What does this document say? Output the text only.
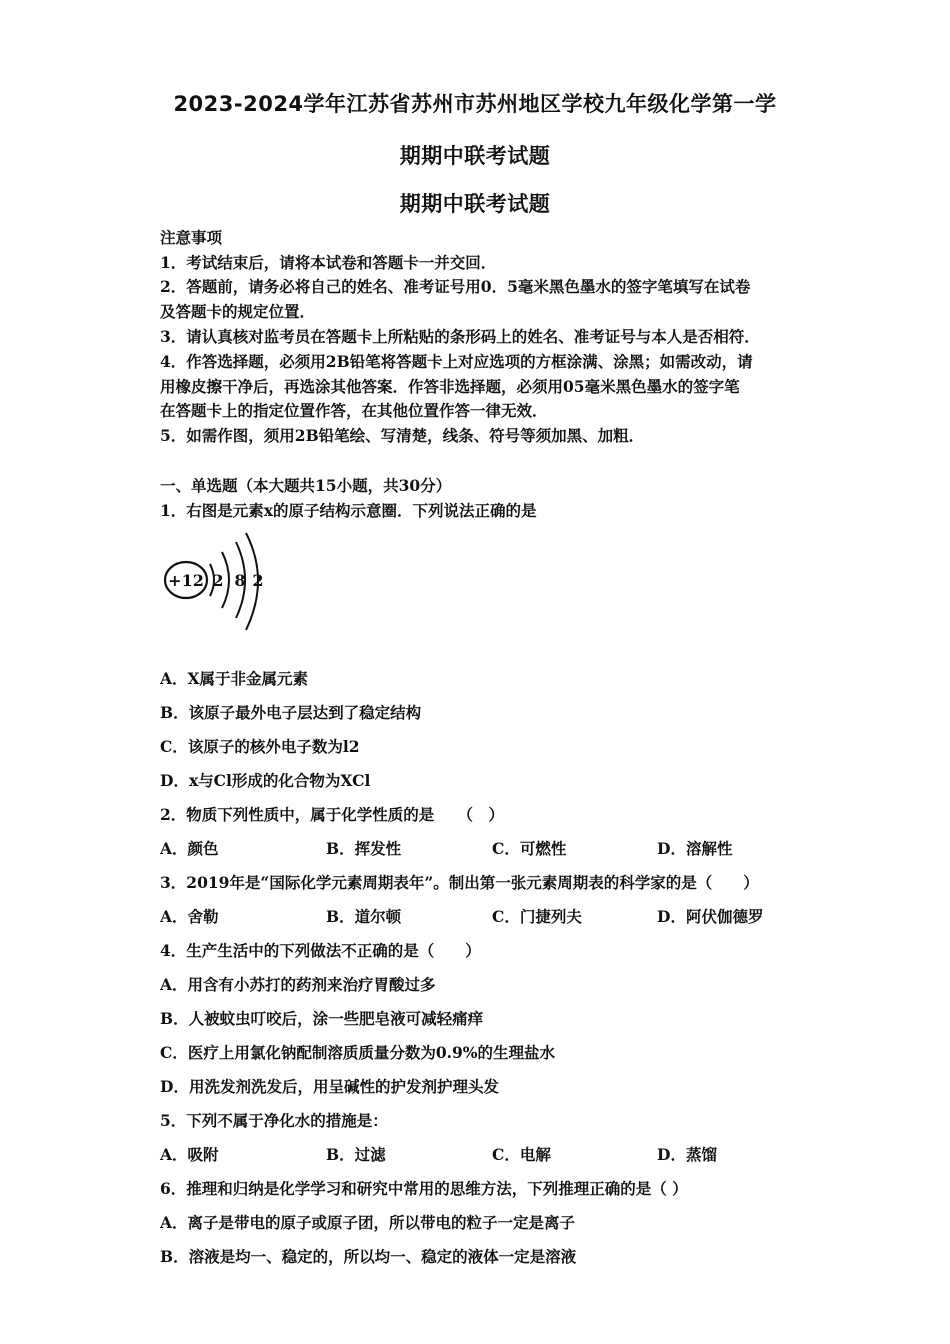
2023-2024学年江苏省苏州市苏州地区学校九年级化学第一学
期期中联考试题
期期中联考试题
注意事项
1．考试结束后，请将本试卷和答题卡一并交回．
2．答题前，请务必将自己的姓名、准考证号用0．5毫米黑色墨水的签字笔填写在试卷
及答题卡的规定位置．
3．请认真核对监考员在答题卡上所粘贴的条形码上的姓名、准考证号与本人是否相符．
4．作答选择题，必须用2B铅笔将答题卡上对应选项的方框涂满、涂黑；如需改动，请
用橡皮擦干净后，再选涂其他答案．作答非选择题，必须用05毫米黑色墨水的签字笔
在答题卡上的指定位置作答，在其他位置作答一律无效．
5．如需作图，须用2B铅笔绘、写清楚，线条、符号等须加黑、加粗．
一、单选题（本大题共15小题，共30分）
1．右图是元素x的原子结构示意圈．下列说法正确的是
+12 2 8 2
A．X属于非金属元素
B．该原子最外电子层达到了稳定结构
C．该原子的核外电子数为l2
D．x与Cl形成的化合物为XCl
2．物质下列性质中，属于化学性质的是　　（　）
A．颜色	B．挥发性	C．可燃性	D．溶解性
3．2019年是“国际化学元素周期表年”。制出第一张元素周期表的科学家的是（　　）
A．舍勒	B．道尔顿	C．门捷列夫	D．阿伏伽德罗
4．生产生活中的下列做法不正确的是（　　）
A．用含有小苏打的药剂来治疗胃酸过多
B．人被蚊虫叮咬后，涂一些肥皂液可减轻痛痒
C．医疗上用氯化钠配制溶质质量分数为0.9%的生理盐水
D．用洗发剂洗发后，用呈碱性的护发剂护理头发
5．下列不属于净化水的措施是：
A．吸附	B．过滤	C．电解	D．蒸馏
6．推理和归纳是化学学习和研究中常用的思维方法，下列推理正确的是（ ）
A．离子是带电的原子或原子团，所以带电的粒子一定是离子
B．溶液是均一、稳定的，所以均一、稳定的液体一定是溶液
